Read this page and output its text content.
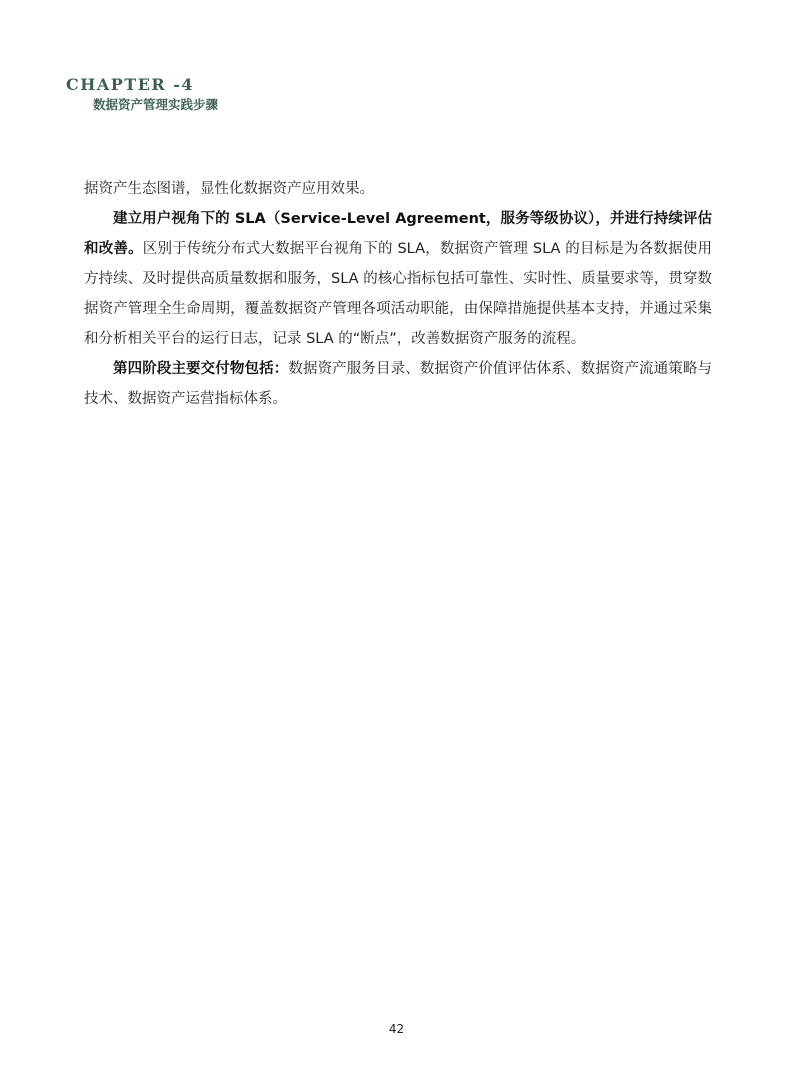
CHAPTER -4
数据资产管理实践步骤

据资产生态图谱，显性化数据资产应用效果。

建立用户视角下的 SLA（Service-Level Agreement，服务等级协议），并进行持续评估和改善。区别于传统分布式大数据平台视角下的 SLA，数据资产管理 SLA 的目标是为各数据使用方持续、及时提供高质量数据和服务，SLA 的核心指标包括可靠性、实时性、质量要求等，贯穿数据资产管理全生命周期，覆盖数据资产管理各项活动职能，由保障措施提供基本支持，并通过采集和分析相关平台的运行日志，记录 SLA 的“断点”，改善数据资产服务的流程。

第四阶段主要交付物包括：数据资产服务目录、数据资产价值评估体系、数据资产流通策略与技术、数据资产运营指标体系。

42
